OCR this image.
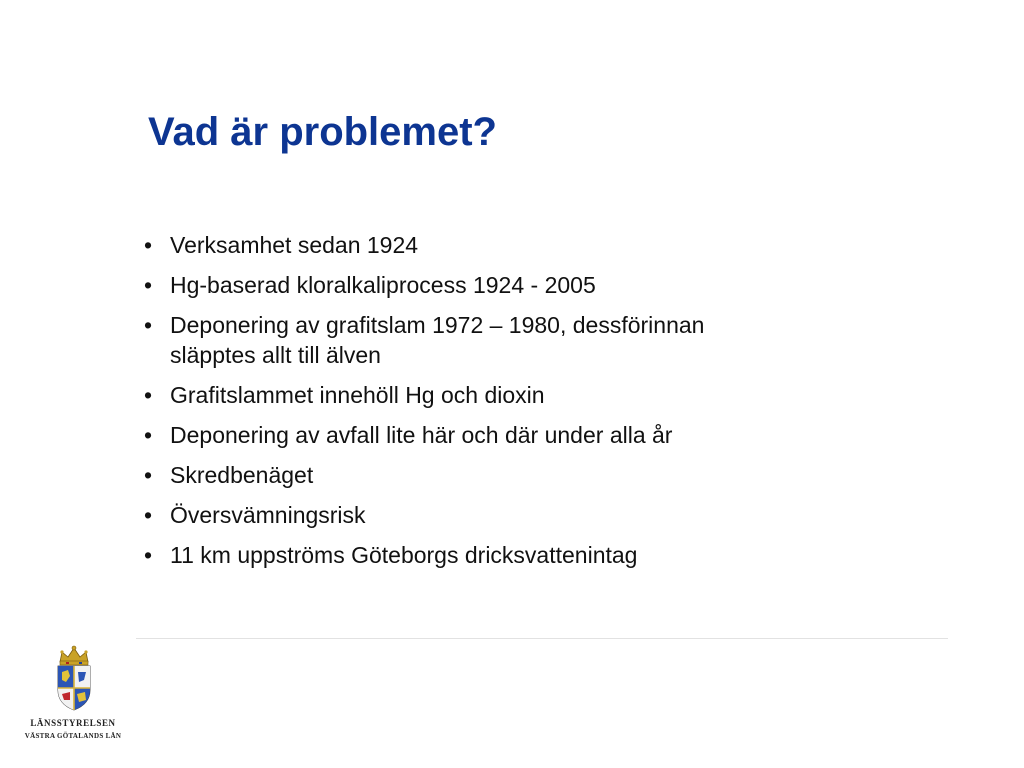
Vad är problemet?
• Verksamhet sedan 1924
• Hg-baserad kloralkaliprocess 1924 - 2005
• Deponering av grafitslam 1972 – 1980, dessförinnan
släpptes allt till älven
• Grafitslammet innehöll Hg och dioxin
• Deponering av avfall lite här och där under alla år
• Skredbenäget
• Översvämningsrisk
• 11 km uppströms Göteborgs dricksvattenintag
LÄNSSTYRELSEN
VÄSTRA GÖTALANDS LÄN
